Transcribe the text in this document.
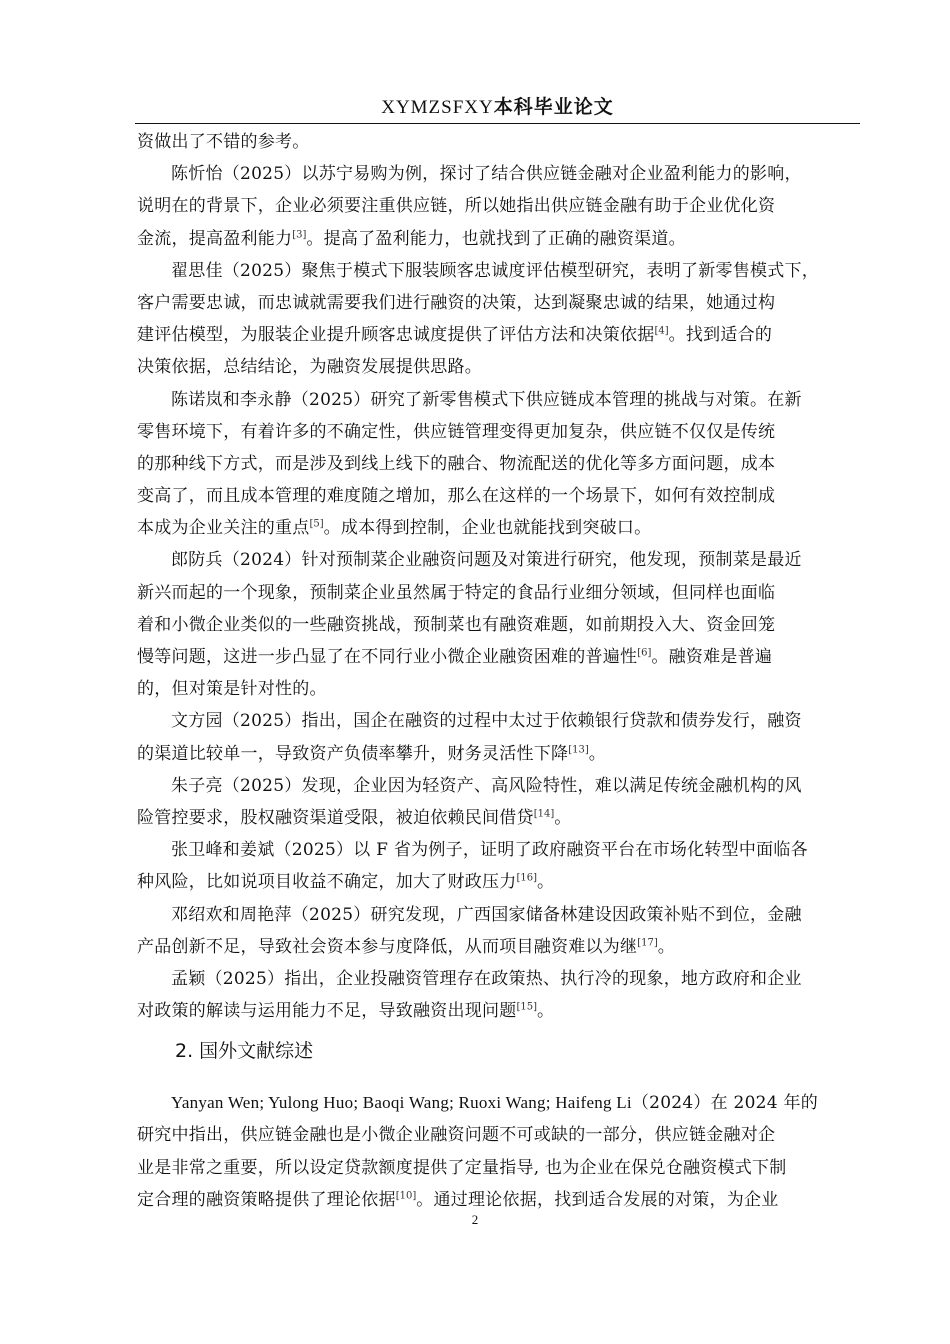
XYMZSFXY本科毕业论文
资做出了不错的参考。
陈忻怡（2025）以苏宁易购为例，探讨了结合供应链金融对企业盈利能力的影响，
说明在的背景下，企业必须要注重供应链，所以她指出供应链金融有助于企业优化资
金流，提高盈利能力[3]。提高了盈利能力，也就找到了正确的融资渠道。
翟思佳（2025）聚焦于模式下服装顾客忠诚度评估模型研究，表明了新零售模式下，
客户需要忠诚，而忠诚就需要我们进行融资的决策，达到凝聚忠诚的结果，她通过构
建评估模型，为服装企业提升顾客忠诚度提供了评估方法和决策依据[4]。找到适合的
决策依据，总结结论，为融资发展提供思路。
陈诺岚和李永静（2025）研究了新零售模式下供应链成本管理的挑战与对策。在新
零售环境下，有着许多的不确定性，供应链管理变得更加复杂，供应链不仅仅是传统
的那种线下方式，而是涉及到线上线下的融合、物流配送的优化等多方面问题，成本
变高了，而且成本管理的难度随之增加，那么在这样的一个场景下，如何有效控制成
本成为企业关注的重点[5]。成本得到控制，企业也就能找到突破口。
郎防兵（2024）针对预制菜企业融资问题及对策进行研究，他发现，预制菜是最近
新兴而起的一个现象，预制菜企业虽然属于特定的食品行业细分领域，但同样也面临
着和小微企业类似的一些融资挑战，预制菜也有融资难题，如前期投入大、资金回笼
慢等问题，这进一步凸显了在不同行业小微企业融资困难的普遍性[6]。融资难是普遍
的，但对策是针对性的。
文方园（2025）指出，国企在融资的过程中太过于依赖银行贷款和债券发行，融资
的渠道比较单一，导致资产负债率攀升，财务灵活性下降[13]。
朱子亮（2025）发现，企业因为轻资产、高风险特性，难以满足传统金融机构的风
险管控要求，股权融资渠道受限，被迫依赖民间借贷[14]。
张卫峰和姜斌（2025）以 F 省为例子，证明了政府融资平台在市场化转型中面临各
种风险，比如说项目收益不确定，加大了财政压力[16]。
邓绍欢和周艳萍（2025）研究发现，广西国家储备林建设因政策补贴不到位，金融
产品创新不足，导致社会资本参与度降低，从而项目融资难以为继[17]。
孟颖（2025）指出，企业投融资管理存在政策热、执行冷的现象，地方政府和企业
对政策的解读与运用能力不足，导致融资出现问题[15]。
2. 国外文献综述
Yanyan Wen; Yulong Huo; Baoqi Wang; Ruoxi Wang; Haifeng Li（2024）在 2024 年的
研究中指出，供应链金融也是小微企业融资问题不可或缺的一部分，供应链金融对企
业是非常之重要，所以设定贷款额度提供了定量指导, 也为企业在保兑仓融资模式下制
定合理的融资策略提供了理论依据[10]。通过理论依据，找到适合发展的对策，为企业
2
